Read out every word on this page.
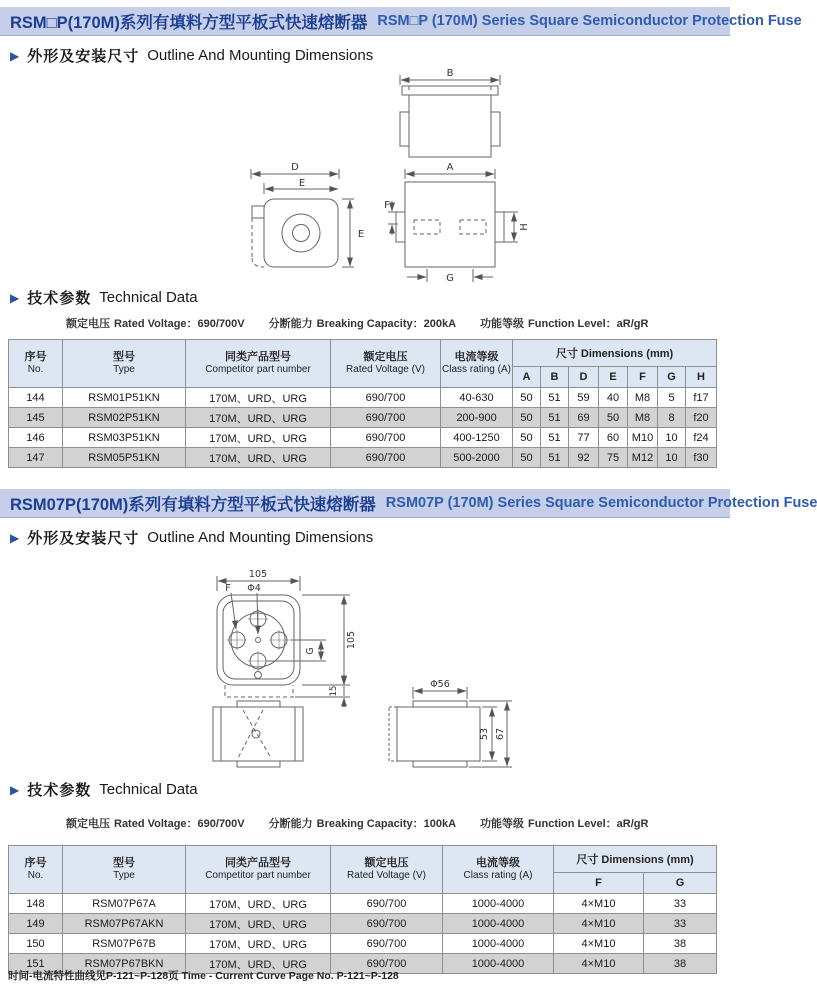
RSM□P(170M)系列有填料方型平板式快速熔断器 RSM□P (170M) Series Square Semiconductor Protection Fuse
▶ 外形及安装尺寸 Outline And Mounting Dimensions
B
D
E
E
A
F
H
G
▶ 技术参数 Technical Data
额定电压 Rated Voltage：690/700V 分断能力 Breaking Capacity：200kA 功能等级 Function Level：aR/gR
序号
No.	型号
Type	同类产品型号
Competitor part number	额定电压
Rated Voltage (V)	电流等级
Class rating (A)	尺寸 Dimensions (mm)						
					A	B	D	E	F	G	H
144	RSM01P51KN	170M、URD、URG	690/700	40-630	50	51	59	40	M8	5	f17
145	RSM02P51KN	170M、URD、URG	690/700	200-900	50	51	69	50	M8	8	f20
146	RSM03P51KN	170M、URD、URG	690/700	400-1250	50	51	77	60	M10	10	f24
147	RSM05P51KN	170M、URD、URG	690/700	500-2000	50	51	92	75	M12	10	f30
RSM07P(170M)系列有填料方型平板式快速熔断器 RSM07P (170M) Series Square Semiconductor Protection Fuse
▶ 外形及安装尺寸 Outline And Mounting Dimensions
105
F Φ4
G
105
15
Φ56
53 67
▶ 技术参数 Technical Data
额定电压 Rated Voltage：690/700V 分断能力 Breaking Capacity：100kA 功能等级 Function Level：aR/gR
序号
No.	型号
Type	同类产品型号
Competitor part number	额定电压
Rated Voltage (V)	电流等级
Class rating (A)	尺寸 Dimensions (mm)	
					F	G
148	RSM07P67A	170M、URD、URG	690/700	1000-4000	4×M10	33
149	RSM07P67AKN	170M、URD、URG	690/700	1000-4000	4×M10	33
150	RSM07P67B	170M、URD、URG	690/700	1000-4000	4×M10	38
151	RSM07P67BKN	170M、URD、URG	690/700	1000-4000	4×M10	38
时间-电流特性曲线见P-121~P-128页 Time - Current Curve Page No. P-121~P-128
